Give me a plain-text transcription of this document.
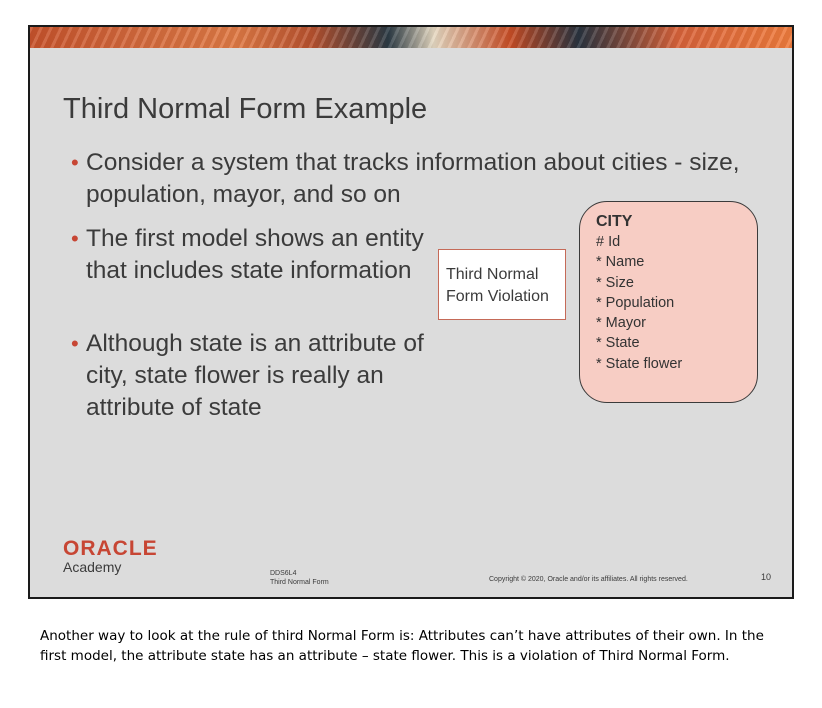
Third Normal Form Example
• Consider a system that tracks information about cities - size, population, mayor, and so on
• The first model shows an entity that includes state information
• Although state is an attribute of city, state flower is really an attribute of state
Third Normal
Form Violation
CITY
# Id
* Name
* Size
* Population
* Mayor
* State
* State flower
ORACLE
Academy	DDS6L4
Third Normal Form	Copyright © 2020, Oracle and/or its affiliates. All rights reserved.	10
Another way to look at the rule of third Normal Form is: Attributes can’t have attributes of their own. In the first model, the attribute state has an attribute – state flower. This is a violation of Third Normal Form.
